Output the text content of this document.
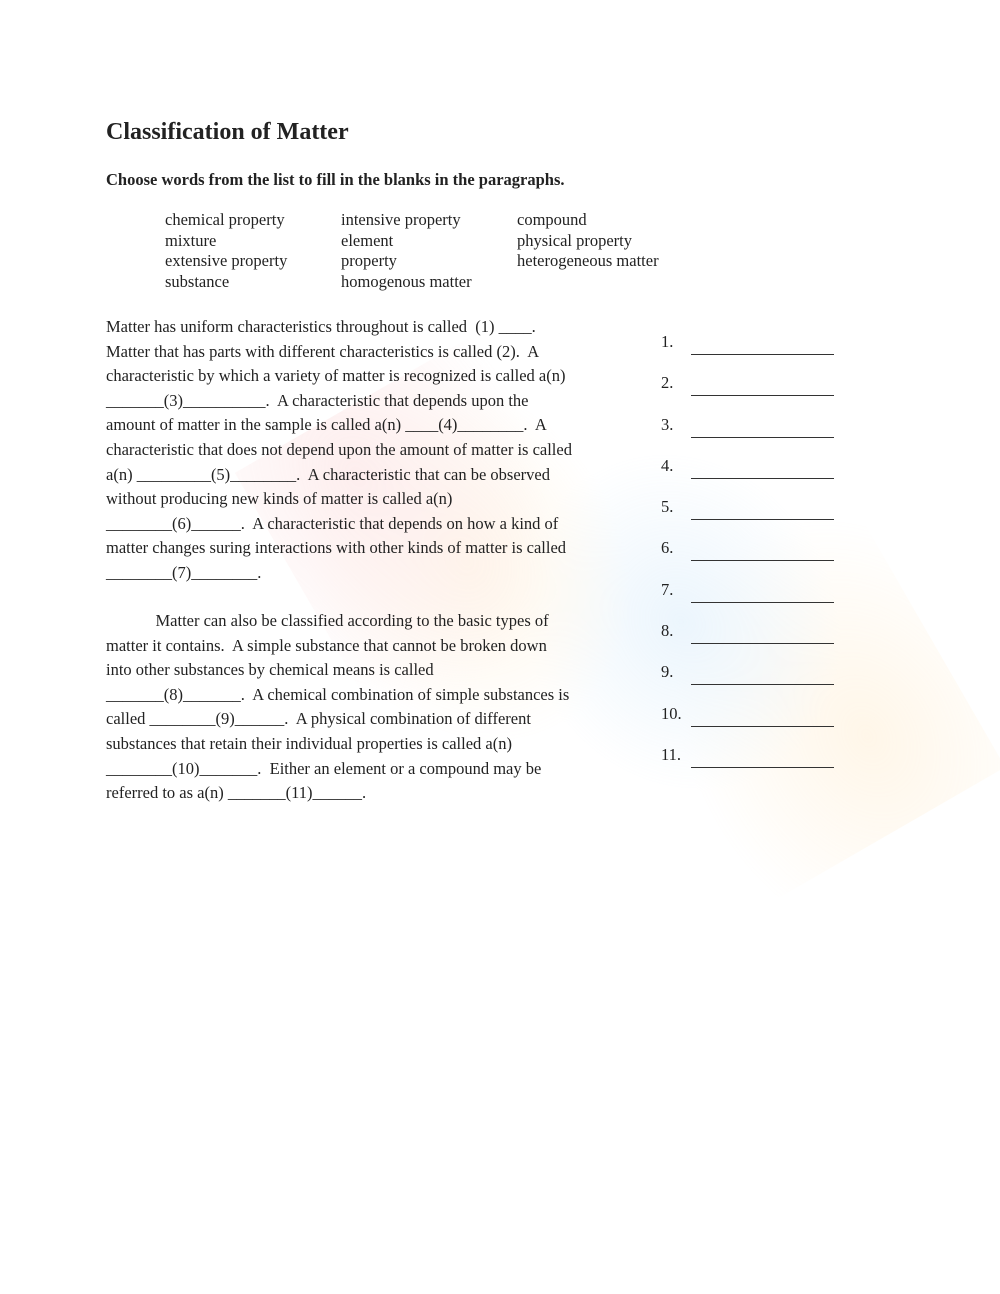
Classification of Matter
Choose words from the list to fill in the blanks in the paragraphs.
chemical property	intensive property	compound
mixture	element	physical property
extensive property	property	heterogeneous matter
substance	homogenous matter
Matter has uniform characteristics throughout is called  (1) ____.
Matter that has parts with different characteristics is called (2).  A
characteristic by which a variety of matter is recognized is called a(n)
_______(3)__________.  A characteristic that depends upon the
amount of matter in the sample is called a(n) ____(4)________.  A
characteristic that does not depend upon the amount of matter is called
a(n) _________(5)________.  A characteristic that can be observed
without producing new kinds of matter is called a(n)
________(6)______.  A characteristic that depends on how a kind of
matter changes suring interactions with other kinds of matter is called
________(7)________.
Matter can also be classified according to the basic types of
matter it contains.  A simple substance that cannot be broken down
into other substances by chemical means is called
_______(8)_______.  A chemical combination of simple substances is
called ________(9)______.  A physical combination of different
substances that retain their individual properties is called a(n)
________(10)_______.  Either an element or a compound may be
referred to as a(n) _______(11)______.
1.
2.
3.
4.
5.
6.
7.
8.
9.
10.
11.
